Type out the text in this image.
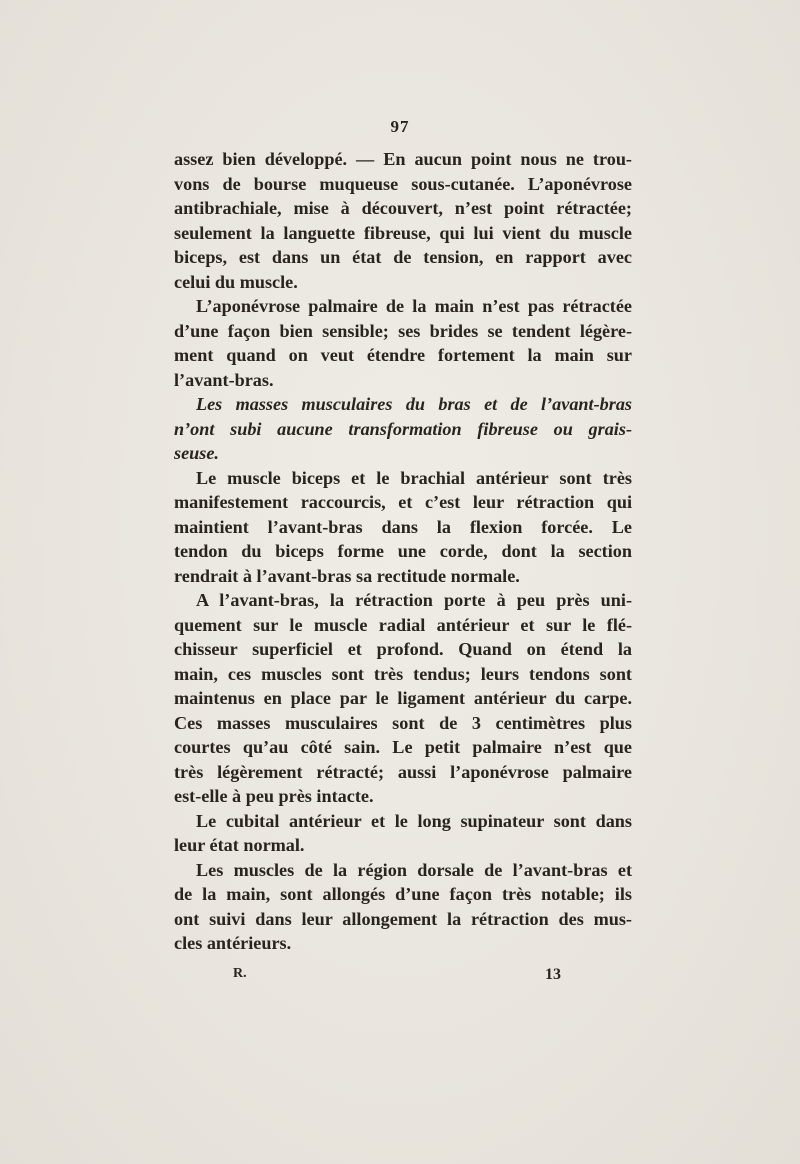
97
assez bien développé. — En aucun point nous ne trou-
vons de bourse muqueuse sous-cutanée. L’aponévrose
antibrachiale, mise à découvert, n’est point rétractée;
seulement la languette fibreuse, qui lui vient du muscle
biceps, est dans un état de tension, en rapport avec
celui du muscle.
L’aponévrose palmaire de la main n’est pas rétractée
d’une façon bien sensible; ses brides se tendent légère-
ment quand on veut étendre fortement la main sur
l’avant-bras.
Les masses musculaires du bras et de l’avant-bras
n’ont subi aucune transformation fibreuse ou grais-
seuse.
Le muscle biceps et le brachial antérieur sont très
manifestement raccourcis, et c’est leur rétraction qui
maintient l’avant-bras dans la flexion forcée. Le
tendon du biceps forme une corde, dont la section
rendrait à l’avant-bras sa rectitude normale.
A l’avant-bras, la rétraction porte à peu près uni-
quement sur le muscle radial antérieur et sur le flé-
chisseur superficiel et profond. Quand on étend la
main, ces muscles sont très tendus; leurs tendons sont
maintenus en place par le ligament antérieur du carpe.
Ces masses musculaires sont de 3 centimètres plus
courtes qu’au côté sain. Le petit palmaire n’est que
très légèrement rétracté; aussi l’aponévrose palmaire
est-elle à peu près intacte.
Le cubital antérieur et le long supinateur sont dans
leur état normal.
Les muscles de la région dorsale de l’avant-bras et
de la main, sont allongés d’une façon très notable; ils
ont suivi dans leur allongement la rétraction des mus-
cles antérieurs.
R.	13
